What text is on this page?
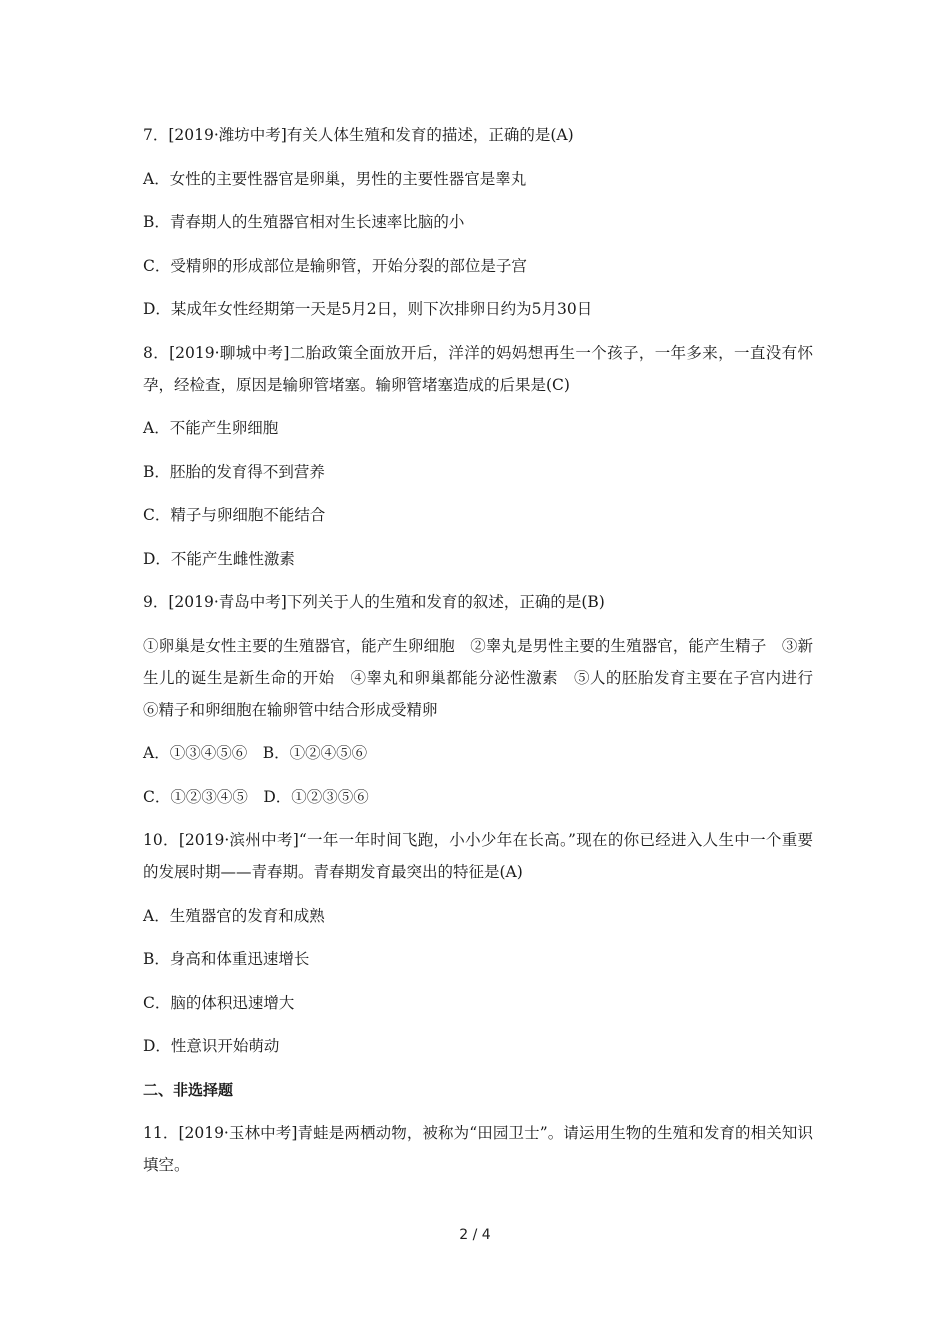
7．[2019·潍坊中考]有关人体生殖和发育的描述，正确的是(A)
A．女性的主要性器官是卵巢，男性的主要性器官是睾丸
B．青春期人的生殖器官相对生长速率比脑的小
C．受精卵的形成部位是输卵管，开始分裂的部位是子宫
D．某成年女性经期第一天是5月2日，则下次排卵日约为5月30日
8．[2019·聊城中考]二胎政策全面放开后，洋洋的妈妈想再生一个孩子，一年多来，一直没有怀孕，经检查，原因是输卵管堵塞。输卵管堵塞造成的后果是(C)
A．不能产生卵细胞
B．胚胎的发育得不到营养
C．精子与卵细胞不能结合
D．不能产生雌性激素
9．[2019·青岛中考]下列关于人的生殖和发育的叙述，正确的是(B)
①卵巢是女性主要的生殖器官，能产生卵细胞　②睾丸是男性主要的生殖器官，能产生精子　③新生儿的诞生是新生命的开始　④睾丸和卵巢都能分泌性激素　⑤人的胚胎发育主要在子宫内进行　⑥精子和卵细胞在输卵管中结合形成受精卵
A．①③④⑤⑥　B．①②④⑤⑥
C．①②③④⑤　D．①②③⑤⑥
10．[2019·滨州中考]“一年一年时间飞跑，小小少年在长高。”现在的你已经进入人生中一个重要的发展时期——青春期。青春期发育最突出的特征是(A)
A．生殖器官的发育和成熟
B．身高和体重迅速增长
C．脑的体积迅速增大
D．性意识开始萌动
二、非选择题
11．[2019·玉林中考]青蛙是两栖动物，被称为“田园卫士”。请运用生物的生殖和发育的相关知识填空。
2 / 4
